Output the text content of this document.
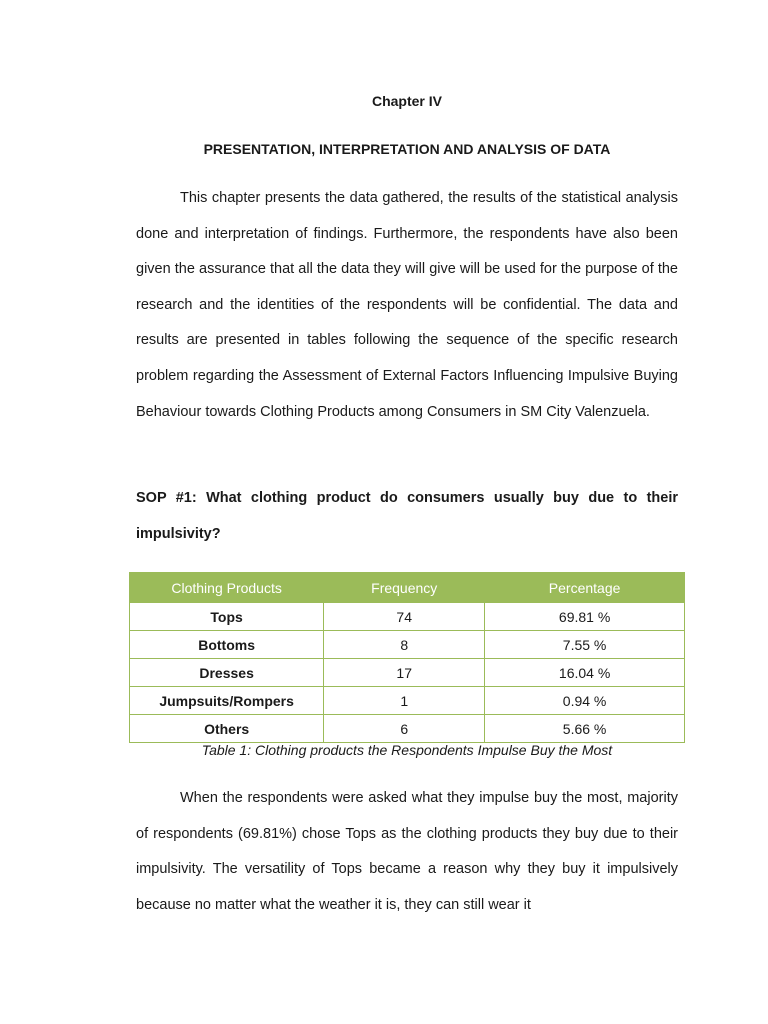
Chapter IV
PRESENTATION, INTERPRETATION AND ANALYSIS OF DATA

This chapter presents the data gathered, the results of the statistical analysis done and interpretation of findings. Furthermore, the respondents have also been given the assurance that all the data they will give will be used for the purpose of the research and the identities of the respondents will be confidential. The data and results are presented in tables following the sequence of the specific research problem regarding the Assessment of External Factors Influencing Impulsive Buying Behaviour towards Clothing Products among Consumers in SM City Valenzuela.

SOP #1: What clothing product do consumers usually buy due to their impulsivity?

Clothing Products	Frequency	Percentage
Tops	74	69.81 %
Bottoms	8	7.55 %
Dresses	17	16.04 %
Jumpsuits/Rompers	1	0.94 %
Others	6	5.66 %
Table 1: Clothing products the Respondents Impulse Buy the Most

When the respondents were asked what they impulse buy the most, majority of respondents (69.81%) chose Tops as the clothing products they buy due to their impulsivity. The versatility of Tops became a reason why they buy it impulsively because no matter what the weather it is, they can still wear it
